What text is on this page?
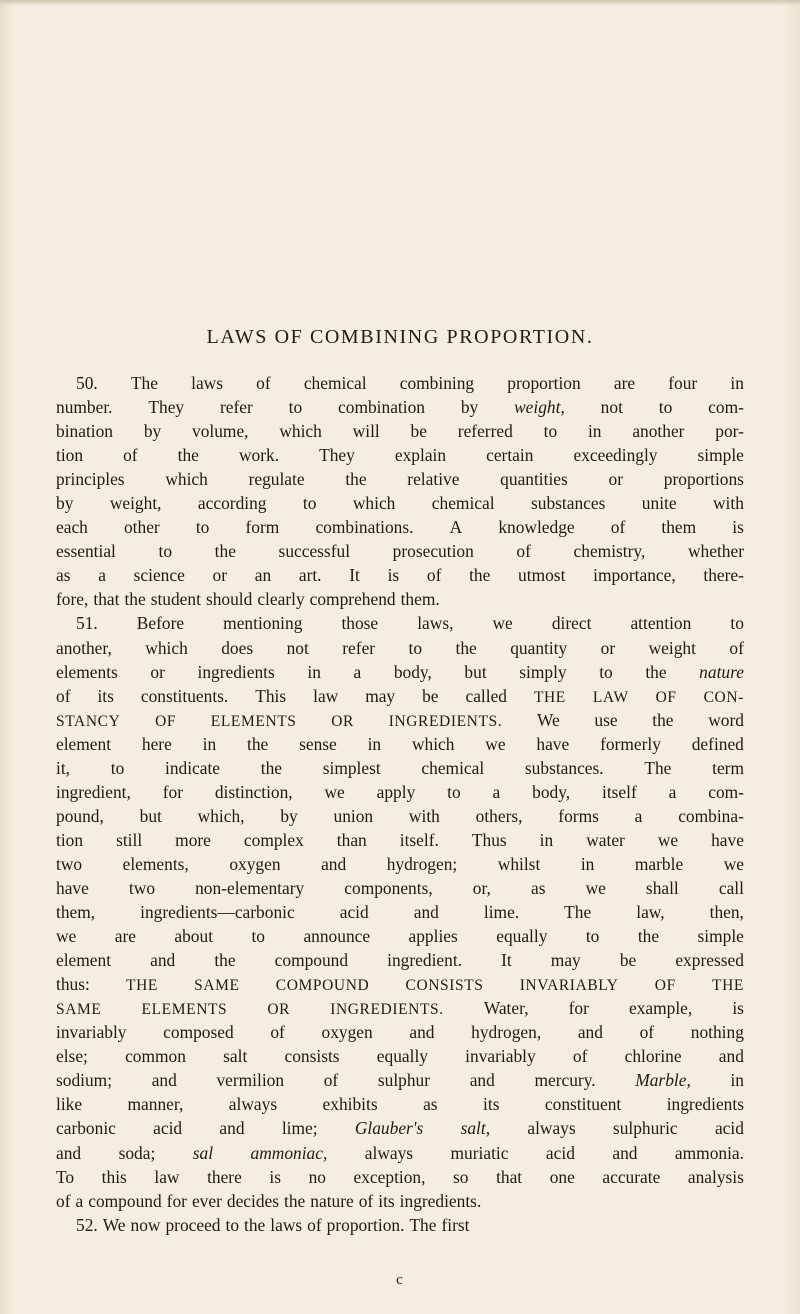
LAWS OF COMBINING PROPORTION.
50. The laws of chemical combining proportion are four in
number. They refer to combination by weight, not to com-
bination by volume, which will be referred to in another por-
tion of the work. They explain certain exceedingly simple
principles which regulate the relative quantities or proportions
by weight, according to which chemical substances unite with
each other to form combinations. A knowledge of them is
essential to the successful prosecution of chemistry, whether
as a science or an art. It is of the utmost importance, there-
fore, that the student should clearly comprehend them.
51. Before mentioning those laws, we direct attention to
another, which does not refer to the quantity or weight of
elements or ingredients in a body, but simply to the nature
of its constituents. This law may be called THE LAW OF CON-
STANCY OF ELEMENTS OR INGREDIENTS. We use the word
element here in the sense in which we have formerly defined
it, to indicate the simplest chemical substances. The term
ingredient, for distinction, we apply to a body, itself a com-
pound, but which, by union with others, forms a combina-
tion still more complex than itself. Thus in water we have
two elements, oxygen and hydrogen; whilst in marble we
have two non-elementary components, or, as we shall call
them,	ingredients—carbonic	acid	and	lime.	The	law,	then,
we are about to announce applies equally to the simple
element and the compound ingredient. It may be expressed
thus: THE SAME COMPOUND CONSISTS INVARIABLY OF THE
SAME	ELEMENTS	OR	INGREDIENTS. Water, for example, is
invariably composed of oxygen and hydrogen, and of nothing
else; common salt consists equally invariably of chlorine and
sodium; and vermilion of sulphur and mercury. Marble, in
like	manner,	always	exhibits	as	its	constituent	ingredients
carbonic acid and lime; Glauber's salt, always sulphuric acid
and soda; sal ammoniac, always muriatic acid and ammonia.
To this law there is no exception, so that one accurate analysis
of a compound for ever decides the nature of its ingredients.
52. We now proceed to the laws of proportion. The first
c
